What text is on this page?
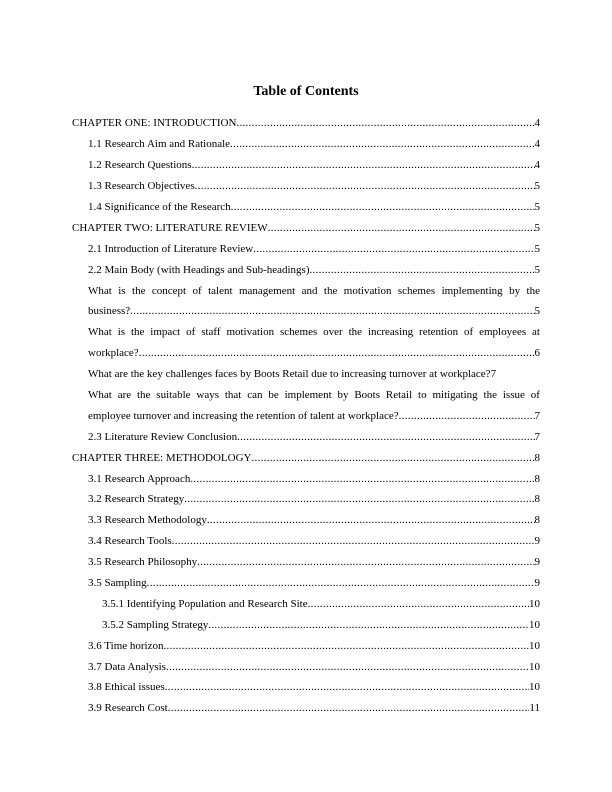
Table of Contents
CHAPTER ONE: INTRODUCTION .....	4
1.1 Research Aim and Rationale .....	4
1.2 Research Questions .....	4
1.3 Research Objectives .....	5
1.4 Significance of the Research .....	5
CHAPTER TWO: LITERATURE REVIEW .....	5
2.1 Introduction of Literature Review .....	5
2.2 Main Body (with Headings and Sub-headings) .....	5
What is the concept of talent management and the motivation schemes implementing by the
business? .....	5
What is the impact of staff motivation schemes over the increasing retention of employees at
workplace? .....	6
What are the key challenges faces by Boots Retail due to increasing turnover at workplace? 7
What are the suitable ways that can be implement by Boots Retail to mitigating the issue of
employee turnover and increasing the retention of talent at workplace? .....	7
2.3 Literature Review Conclusion .....	7
CHAPTER THREE: METHODOLOGY .....	8
3.1 Research Approach .....	8
3.2 Research Strategy .....	8
3.3 Research Methodology .....	8
3.4 Research Tools .....	9
3.5 Research Philosophy .....	9
3.5 Sampling .....	9
3.5.1 Identifying Population and Research Site .....	10
3.5.2 Sampling Strategy .....	10
3.6 Time horizon .....	10
3.7 Data Analysis .....	10
3.8 Ethical issues .....	10
3.9 Research Cost .....	11
